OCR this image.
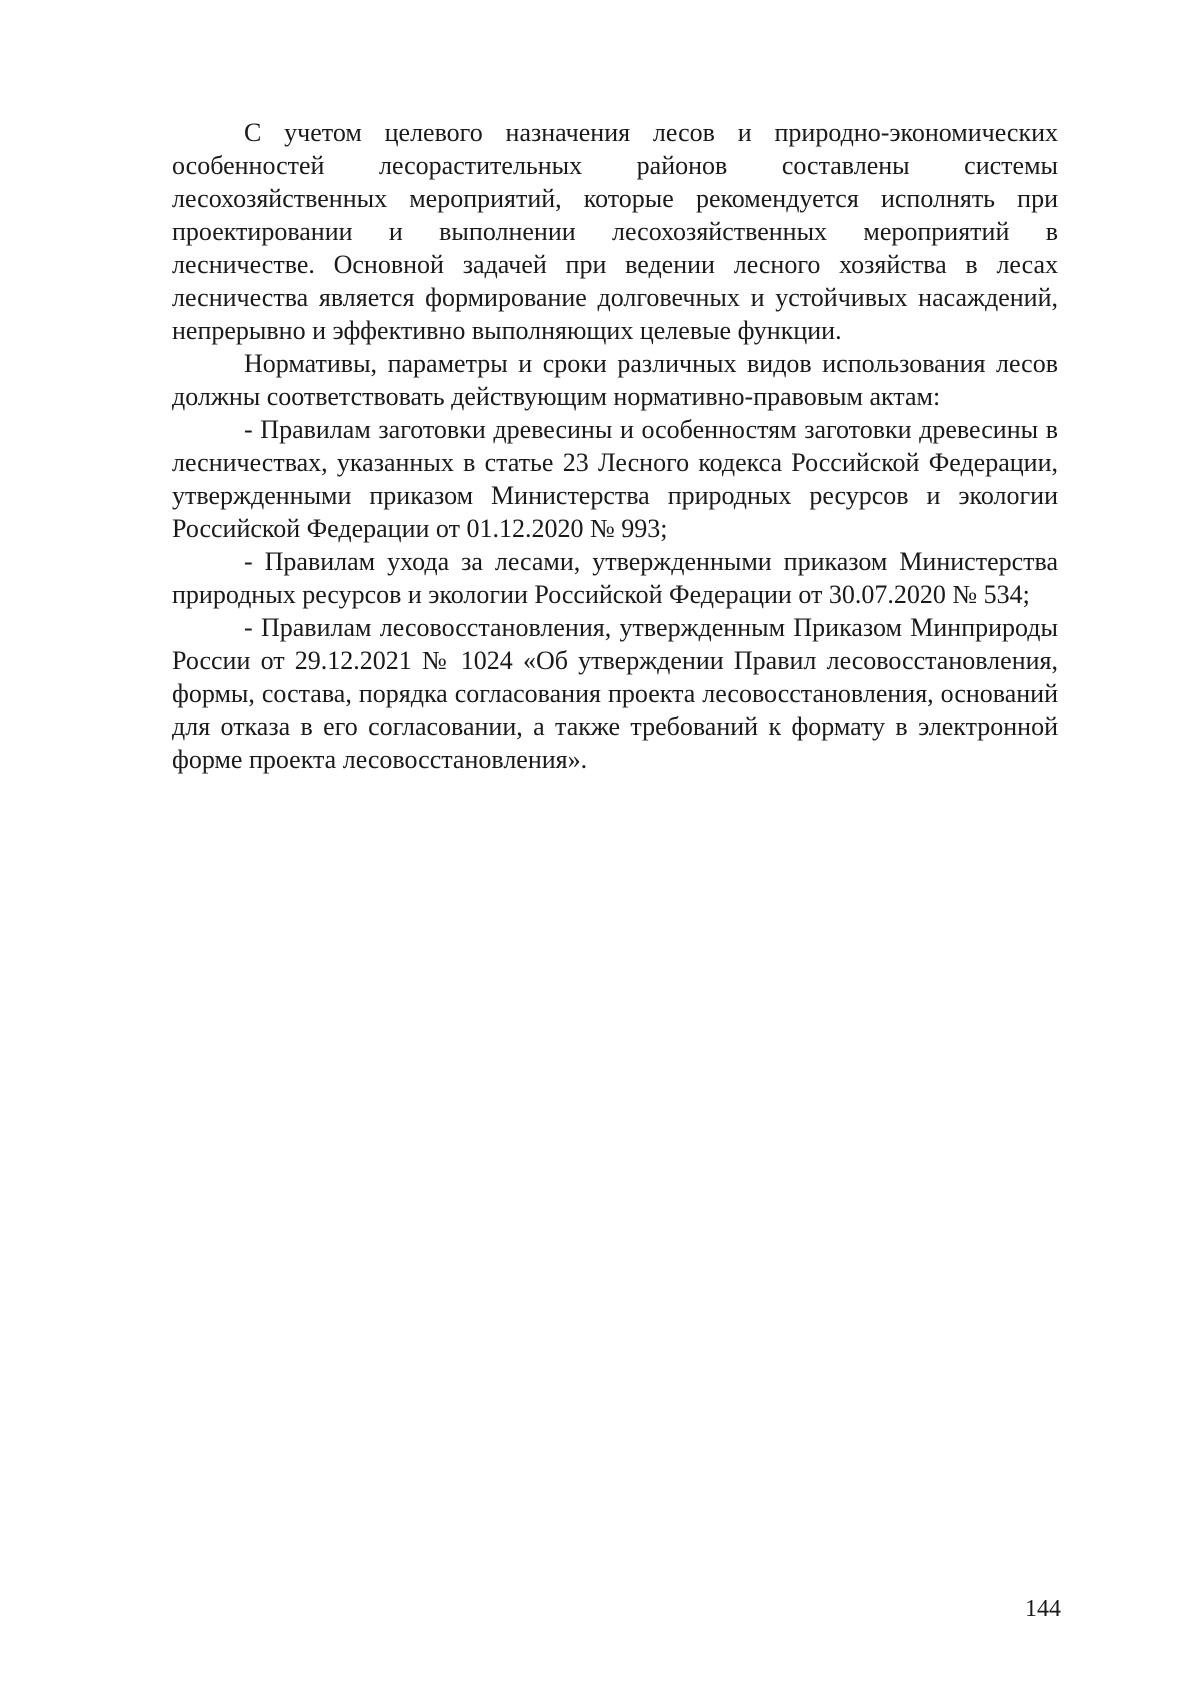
С учетом целевого назначения лесов и природно-экономических особенностей лесорастительных районов составлены системы лесохозяйственных мероприятий, которые рекомендуется исполнять при проектировании и выполнении лесохозяйственных мероприятий в лесничестве. Основной задачей при ведении лесного хозяйства в лесах лесничества является формирование долговечных и устойчивых насаждений, непрерывно и эффективно выполняющих целевые функции.

Нормативы, параметры и сроки различных видов использования лесов должны соответствовать действующим нормативно-правовым актам:

- Правилам заготовки древесины и особенностям заготовки древесины в лесничествах, указанных в статье 23 Лесного кодекса Российской Федерации, утвержденными приказом Министерства природных ресурсов и экологии Российской Федерации от 01.12.2020 № 993;

- Правилам ухода за лесами, утвержденными приказом Министерства природных ресурсов и экологии Российской Федерации от 30.07.2020 № 534;

- Правилам лесовосстановления, утвержденным Приказом Минприроды России от 29.12.2021 № 1024 «Об утверждении Правил лесовосстановления, формы, состава, порядка согласования проекта лесовосстановления, оснований для отказа в его согласовании, а также требований к формату в электронной форме проекта лесовосстановления».

144
